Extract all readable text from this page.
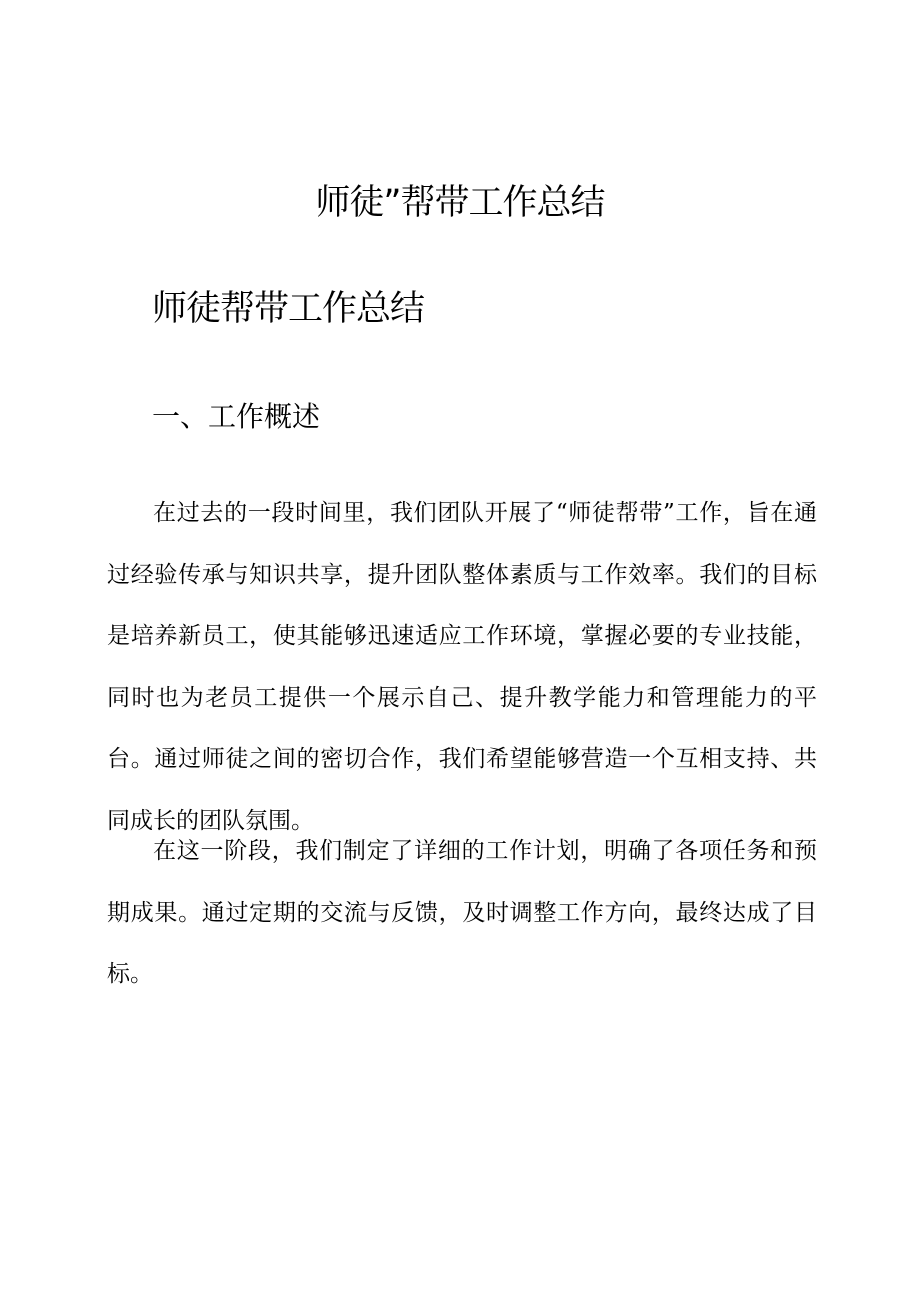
师徒”帮带工作总结
师徒帮带工作总结
一、工作概述

在过去的一段时间里，我们团队开展了“师徒帮带”工作，旨在通过经验传承与知识共享，提升团队整体素质与工作效率。我们的目标是培养新员工，使其能够迅速适应工作环境，掌握必要的专业技能，同时也为老员工提供一个展示自己、提升教学能力和管理能力的平台。通过师徒之间的密切合作，我们希望能够营造一个互相支持、共同成长的团队氛围。

在这一阶段，我们制定了详细的工作计划，明确了各项任务和预期成果。通过定期的交流与反馈，及时调整工作方向，最终达成了目标。
